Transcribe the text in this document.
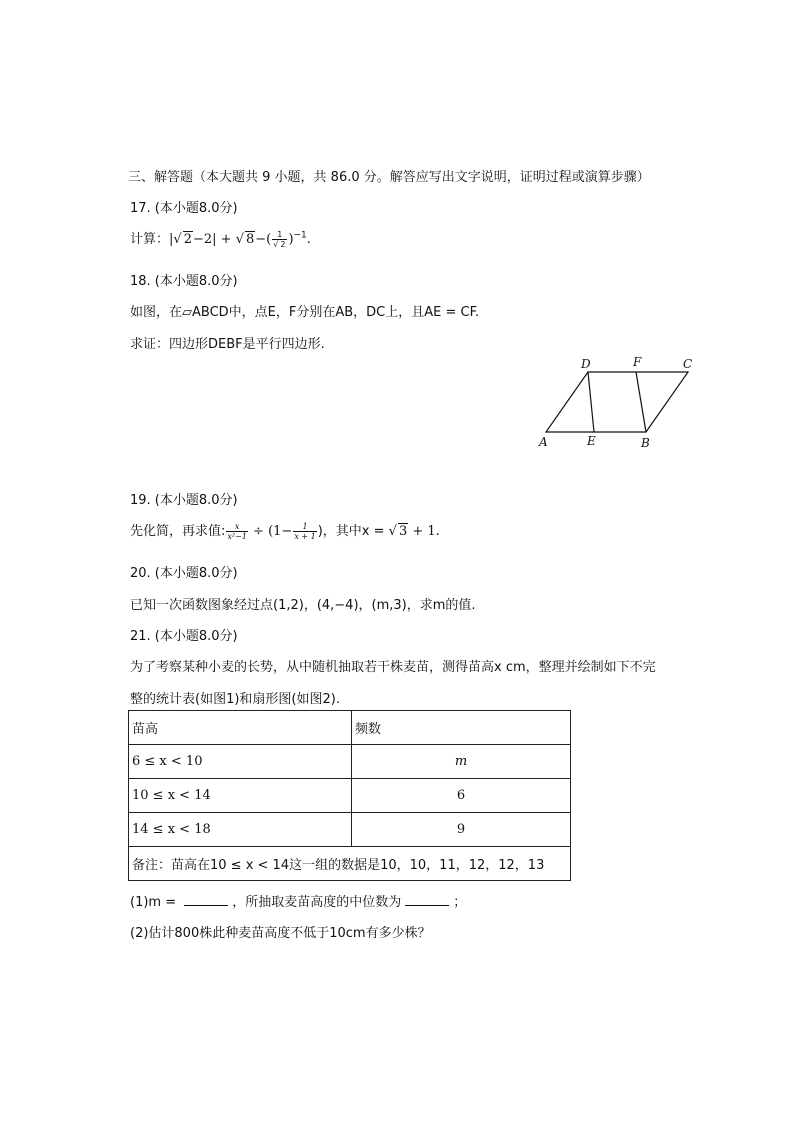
三、解答题（本大题共 9 小题，共 86.0 分。解答应写出文字说明，证明过程或演算步骤）
17. (本小题8.0分)
计算：|√ 2−2| + √ $8-( \frac{1}{√ 2} )^{-1}$.
18. (本小题8.0分)
如图，在▱ABCD中，点E，F分别在AB，DC上，且AE = CF.
求证：四边形DEBF是平行四边形.
D	F	C
A	E	B
19. (本小题8.0分)
先化简，再求值: $\frac{x}{\text{x²−1}} \div (1- \frac{1}{x + 1}$ )，其中x = √ 3 + 1.
20. (本小题8.0分)
已知一次函数图象经过点(1,2)，(4,−4)，(m,3)，求m的值.
21. (本小题8.0分)
为了考察某种小麦的长势，从中随机抽取若干株麦苗，测得苗高x cm，整理并绘制如下不完
整的统计表(如图1)和扇形图(如图2).
苗高	频数
6 ≤ x < 10	m
10 ≤ x < 14	6
14 ≤ x < 18	9
备注：苗高在10 ≤ x < 14这一组的数据是10，10，11，12，12，13	
(1)m =	，所抽取麦苗高度的中位数为	；
(2)估计800株此种麦苗高度不低于10cm有多少株？
